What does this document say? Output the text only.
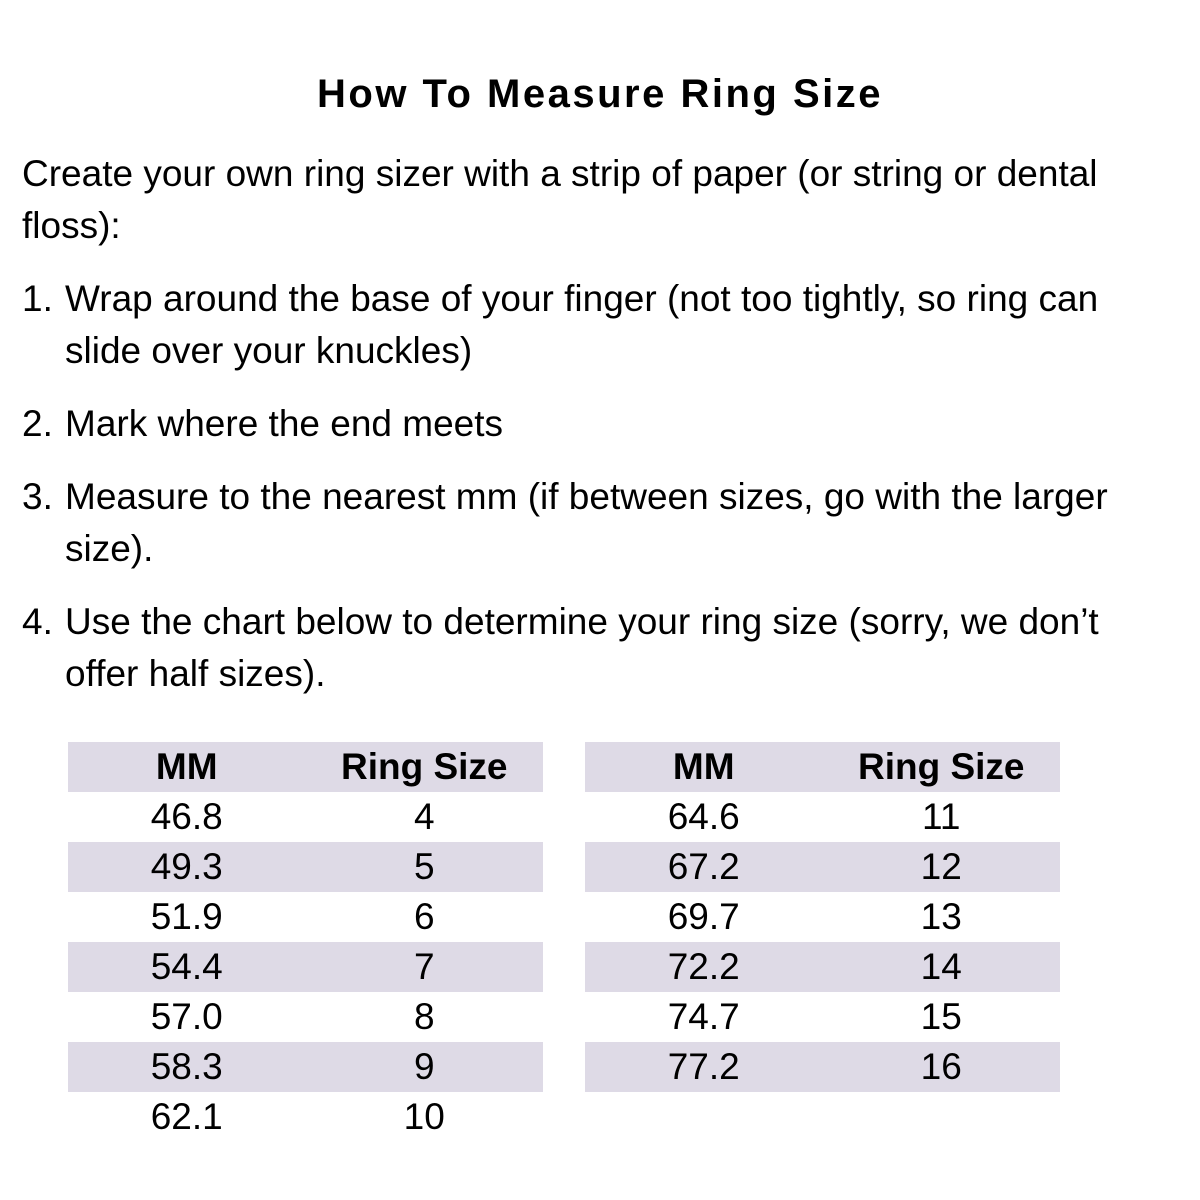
How To Measure Ring Size

Create your own ring sizer with a strip of paper (or string or dental floss):

1. Wrap around the base of your finger (not too tightly, so ring can slide over your knuckles)
2. Mark where the end meets
3. Measure to the nearest mm (if between sizes, go with the larger size).
4. Use the chart below to determine your ring size (sorry, we don’t offer half sizes).
MM	Ring Size
46.8	4
49.3	5
51.9	6
54.4	7
57.0	8
58.3	9
62.1	10
MM	Ring Size
64.6	11
67.2	12
69.7	13
72.2	14
74.7	15
77.2	16
